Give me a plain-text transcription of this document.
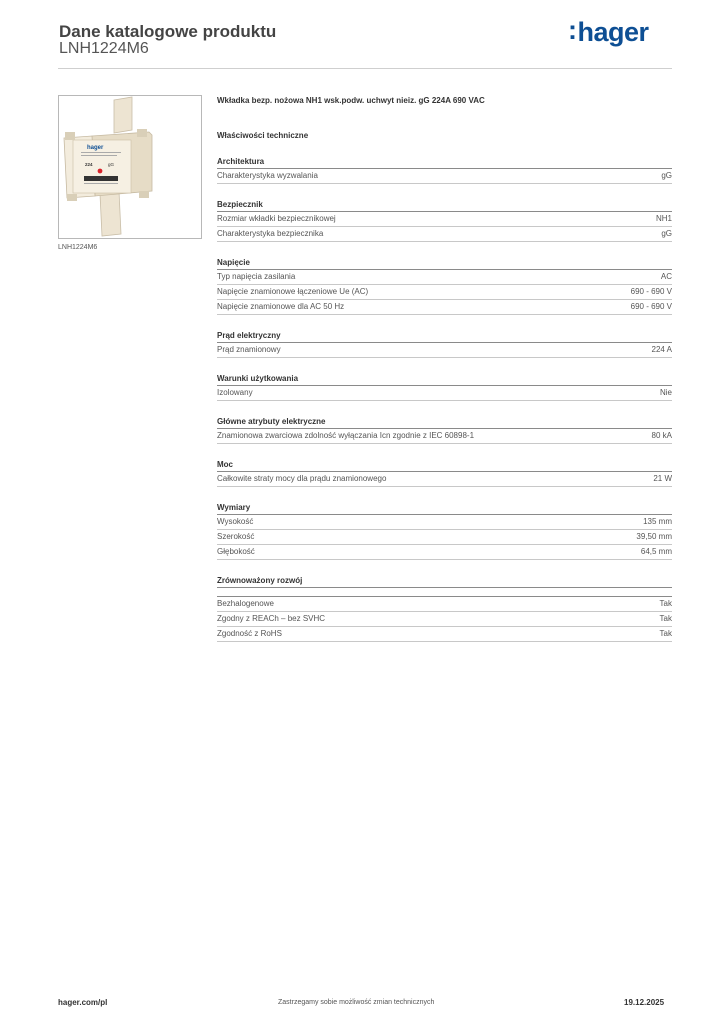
Dane katalogowe produktu
LNH1224M6
:hager
hager
224	gG
LNH1224M6
Wkładka bezp. nożowa NH1 wsk.podw. uchwyt nieiz. gG 224A 690 VAC
Właściwości techniczne
Architektura
Charakterystyka wyzwalania	gG
Bezpiecznik
Rozmiar wkładki bezpiecznikowej	NH1
Charakterystyka bezpiecznika	gG
Napięcie
Typ napięcia zasilania	AC
Napięcie znamionowe łączeniowe Ue (AC)	690 - 690 V
Napięcie znamionowe dla AC 50 Hz	690 - 690 V
Prąd elektryczny
Prąd znamionowy	224 A
Warunki użytkowania
Izolowany	Nie
Główne atrybuty elektryczne
Znamionowa zwarciowa zdolność wyłączania Icn zgodnie z IEC 60898-1	80 kA
Moc
Całkowite straty mocy dla prądu znamionowego	21 W
Wymiary
Wysokość	135 mm
Szerokość	39,50 mm
Głębokość	64,5 mm
Zrównoważony rozwój
Bezhalogenowe	Tak
Zgodny z REACh – bez SVHC	Tak
Zgodność z RoHS	Tak
hager.com/pl	Zastrzegamy sobie możliwość zmian technicznych	19.12.2025
